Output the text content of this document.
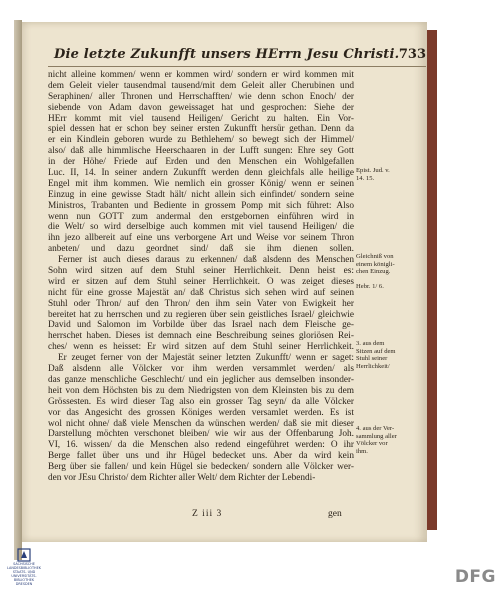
Die letzte Zukunfft unsers HErrn Jesu Christi. 733
nicht alleine kommen/ wenn er kommen wird/ sondern er wird kommen mit
dem Geleit vieler tausendmal tausend/mit dem Geleit aller Cherubinen und
Seraphinen/ aller Thronen und Herrschafften/ wie denn schon Enoch/ der
siebende von Adam davon geweissaget hat und gesprochen: Siehe der
HErr kommt mit viel tausend Heiligen/ Gericht zu halten. Ein Vor-
spiel dessen hat er schon bey seiner ersten Zukunfft hersür gethan. Denn da
er ein Kindlein geboren wurde zu Bethlehem/ so bewegt sich der Himmel/
also/ daß alle himmlische Heerschaaren in der Lufft sungen: Ehre sey Gott
in der Höhe/ Friede auf Erden und den Menschen ein Wohlgefallen
Luc. II, 14. In seiner andern Zukunfft werden denn gleichfals alle heilige
Engel mit ihm kommen. Wie nemlich ein grosser König/ wenn er seinen
Einzug in eine gewisse Stadt hält/ nicht allein sich einfindet/ sondern seine
Ministros, Trabanten und Bediente in grossem Pomp mit sich führet: Also
wenn nun GOTT zum andermal den erstgebornen einführen wird in
die Welt/ so wird derselbige auch kommen mit viel tausend Heiligen/ die
ihn jezo allbereit auf eine uns verborgene Art und Weise vor seinem Thron
anbeten/ und dazu geordnet sind/ daß sie ihm dienen sollen.
Ferner ist auch dieses daraus zu erkennen/ daß alsdenn des Menschen
Sohn wird sitzen auf dem Stuhl seiner Herrlichkeit. Denn heist es:
wird er sitzen auf dem Stuhl seiner Herrlichkeit. O was zeiget dieses
nicht für eine grosse Majestät an/ daß Christus sich sehen wird auf seinen
Stuhl oder Thron/ auf den Thron/ den ihm sein Vater von Ewigkeit her
bereitet hat zu herrschen und zu regieren über sein geistliches Israel/ gleichwie
David und Salomon im Vorbilde über das Israel nach dem Fleische ge-
herrschet haben. Dieses ist demnach eine Beschreibung seines gloriösen Rei-
ches/ wenn es heisset: Er wird sitzen auf dem Stuhl seiner Herrlichkeit.
Er zeuget ferner von der Majestät seiner letzten Zukunfft/ wenn er saget:
Daß alsdenn alle Völcker vor ihm werden versammlet werden/ als
das ganze menschliche Geschlecht/ und ein jeglicher aus demselben insonder-
heit von dem Höchsten bis zu dem Niedrigsten von dem Kleinsten bis zu dem
Grössesten. Es wird dieser Tag also ein grosser Tag seyn/ da alle Völcker
vor das Angesicht des grossen Königes werden versamlet werden. Es ist
wol nicht ohne/ daß viele Menschen da wünschen werden/ daß sie mit dieser
Darstellung möchten verschonet bleiben/ wie wir aus der Offenbarung Joh.
VI, 16. wissen/ da die Menschen also redend eingeführet werden: O ihr
Berge fallet über uns und ihr Hügel bedecket uns. Aber da wird kein
Berg über sie fallen/ und kein Hügel sie bedecken/ sondern alle Völcker wer-
den vor JEsu Christo/ dem Richter aller Welt/ dem Richter der Lebendi-
Epist. Jud. v.
14. 15.
Gleichniß von
einem königli-
chen Einzug.

Hebr. 1/ 6.
3. aus dem
Sitzen auf dem
Stuhl seiner
Herrlichkeit/
4. aus der Ver-
sammlung aller
Völcker vor
ihm.
Z iii 3	gen
SÄCHSISCHE
LANDESBIBLIOTHEK
STAATS- UND
UNIVERSITÄTS-
BIBLIOTHEK
DRESDEN	DFG
